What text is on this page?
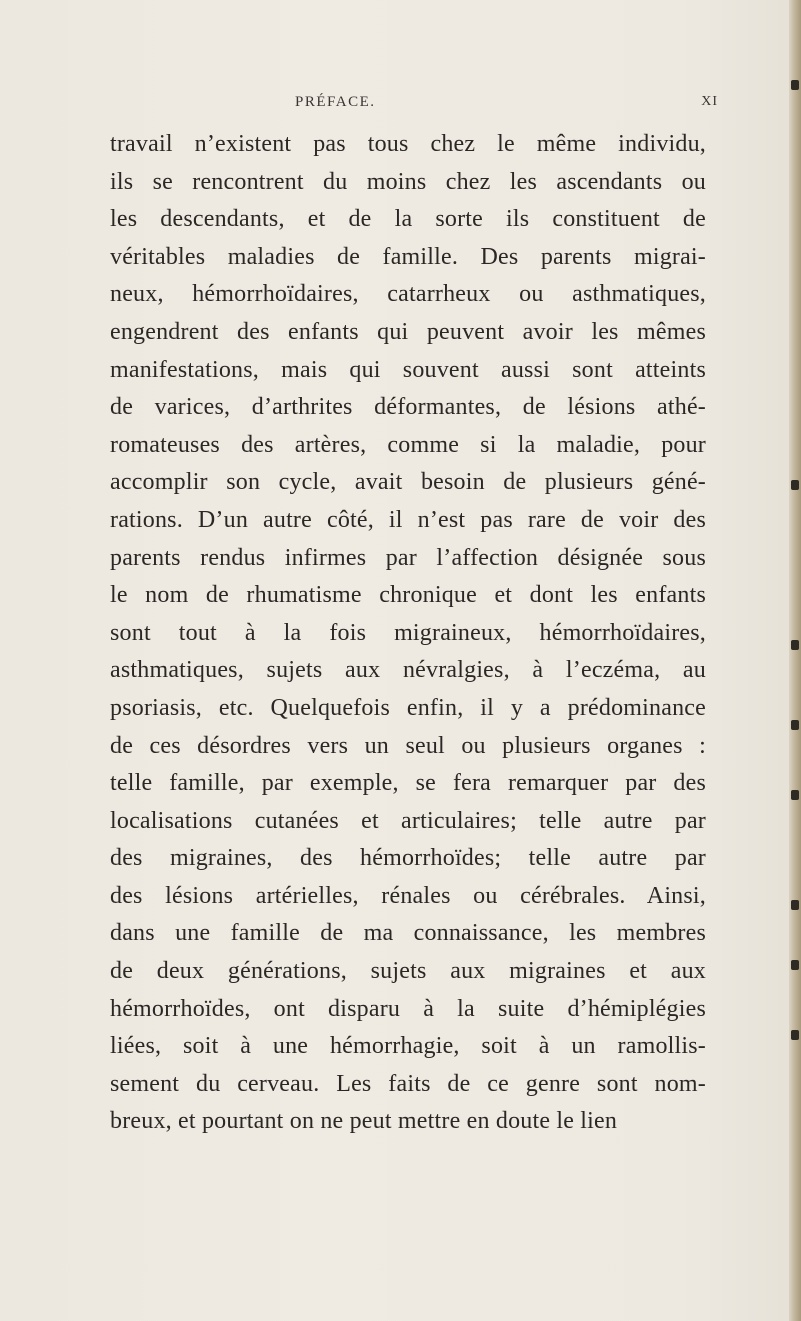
PRÉFACE.	XI
travail n’existent pas tous chez le même individu,
ils se rencontrent du moins chez les ascendants ou
les descendants, et de la sorte ils constituent de
véritables maladies de famille. Des parents migrai-
neux, hémorrhoïdaires, catarrheux ou asthmatiques,
engendrent des enfants qui peuvent avoir les mêmes
manifestations, mais qui souvent aussi sont atteints
de varices, d’arthrites déformantes, de lésions athé-
romateuses des artères, comme si la maladie, pour
accomplir son cycle, avait besoin de plusieurs géné-
rations. D’un autre côté, il n’est pas rare de voir des
parents rendus infirmes par l’affection désignée sous
le nom de rhumatisme chronique et dont les enfants
sont tout à la fois migraineux, hémorrhoïdaires,
asthmatiques, sujets aux névralgies, à l’eczéma, au
psoriasis, etc. Quelquefois enfin, il y a prédominance
de ces désordres vers un seul ou plusieurs organes :
telle famille, par exemple, se fera remarquer par des
localisations cutanées et articulaires; telle autre par
des migraines, des hémorrhoïdes; telle autre par
des lésions artérielles, rénales ou cérébrales. Ainsi,
dans une famille de ma connaissance, les membres
de deux générations, sujets aux migraines et aux
hémorrhoïdes, ont disparu à la suite d’hémiplégies
liées, soit à une hémorrhagie, soit à un ramollis-
sement du cerveau. Les faits de ce genre sont nom-
breux, et pourtant on ne peut mettre en doute le lien
